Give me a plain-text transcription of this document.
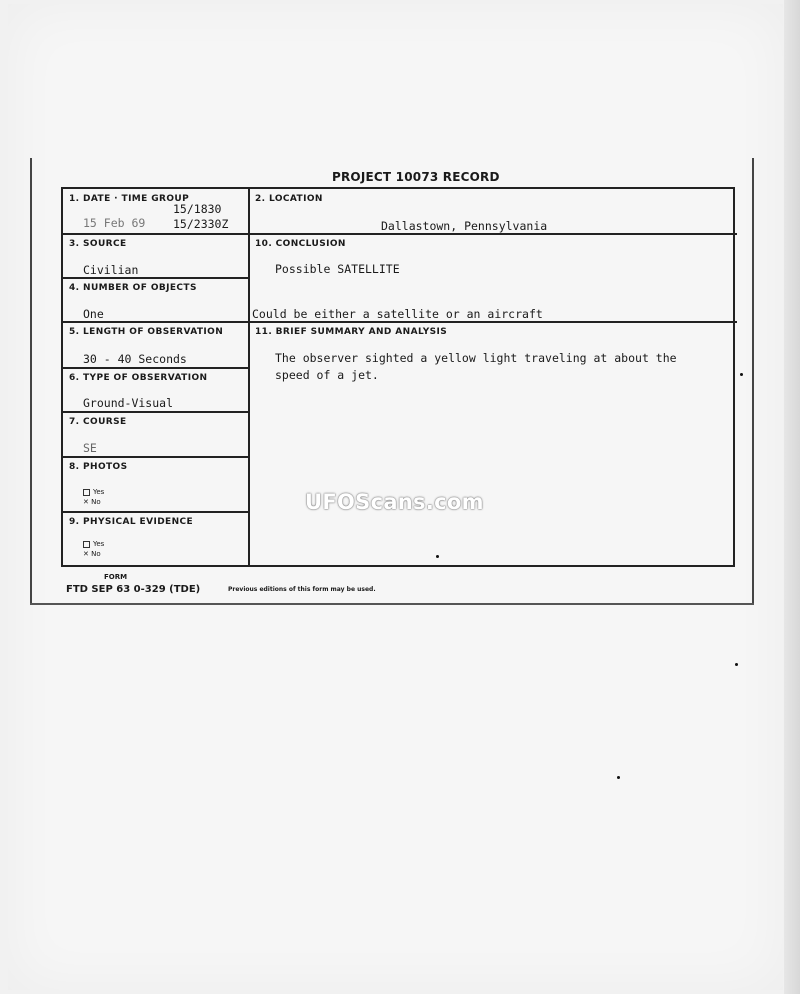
PROJECT 10073 RECORD
1. DATE · TIME GROUP
15/1830
15 Feb 69 15/2330Z
2. LOCATION
Dallastown, Pennsylvania
3. SOURCE
Civilian
10. CONCLUSION
Possible SATELLITE
Could be either a satellite or an aircraft
4. NUMBER OF OBJECTS
One
5. LENGTH OF OBSERVATION
30 - 40 Seconds
11. BRIEF SUMMARY AND ANALYSIS
The observer sighted a yellow light traveling at about the
speed of a jet.
6. TYPE OF OBSERVATION
Ground-Visual
7. COURSE
SE
8. PHOTOS
Yes
✕ No
9. PHYSICAL EVIDENCE
Yes
✕ No
FORM
FTD SEP 63 0-329 (TDE)	Previous editions of this form may be used.
UFOScans.com
